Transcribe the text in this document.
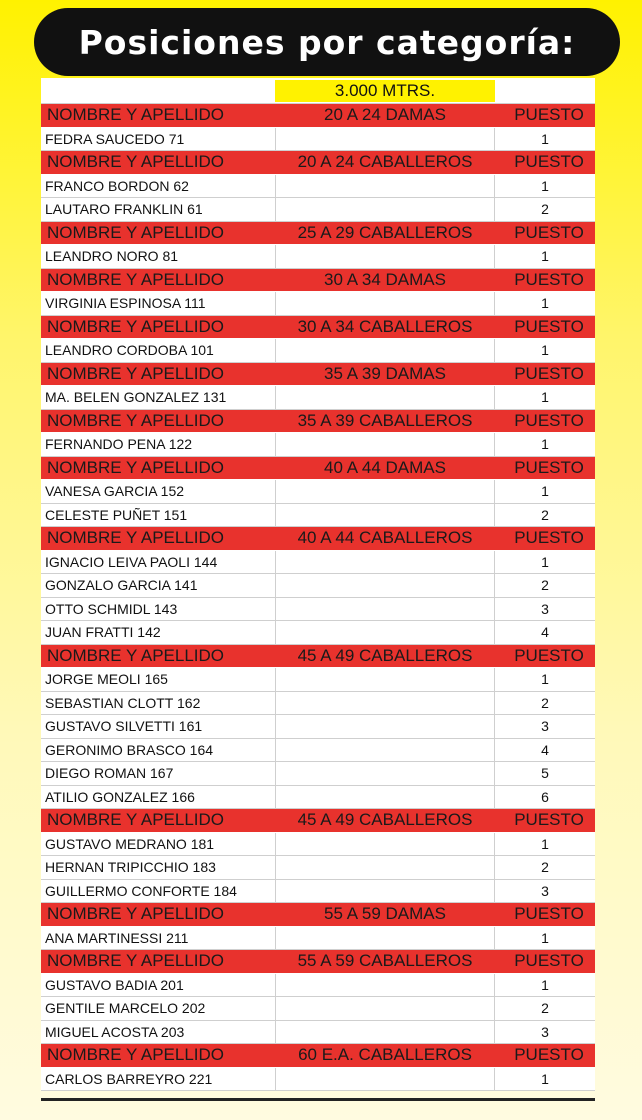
Posiciones por categoría:
3.000 MTRS.
NOMBRE Y APELLIDO	20 A 24 DAMAS	PUESTO
FEDRA SAUCEDO 71	1
NOMBRE Y APELLIDO	20 A 24 CABALLEROS	PUESTO
FRANCO BORDON 62	1
LAUTARO FRANKLIN 61	2
NOMBRE Y APELLIDO	25 A 29 CABALLEROS	PUESTO
LEANDRO NORO 81	1
NOMBRE Y APELLIDO	30 A 34 DAMAS	PUESTO
VIRGINIA ESPINOSA 111	1
NOMBRE Y APELLIDO	30 A 34 CABALLEROS	PUESTO
LEANDRO CORDOBA 101	1
NOMBRE Y APELLIDO	35 A 39 DAMAS	PUESTO
MA. BELEN GONZALEZ 131	1
NOMBRE Y APELLIDO	35 A 39 CABALLEROS	PUESTO
FERNANDO PENA 122	1
NOMBRE Y APELLIDO	40 A 44 DAMAS	PUESTO
VANESA GARCIA 152	1
CELESTE PUÑET 151	2
NOMBRE Y APELLIDO	40 A 44 CABALLEROS	PUESTO
IGNACIO LEIVA PAOLI 144	1
GONZALO GARCIA 141	2
OTTO SCHMIDL 143	3
JUAN FRATTI 142	4
NOMBRE Y APELLIDO	45 A 49 CABALLEROS	PUESTO
JORGE MEOLI 165	1
SEBASTIAN CLOTT 162	2
GUSTAVO SILVETTI 161	3
GERONIMO BRASCO 164	4
DIEGO ROMAN 167	5
ATILIO GONZALEZ 166	6
NOMBRE Y APELLIDO	45 A 49 CABALLEROS	PUESTO
GUSTAVO MEDRANO 181	1
HERNAN TRIPICCHIO 183	2
GUILLERMO CONFORTE 184	3
NOMBRE Y APELLIDO	55 A 59 DAMAS	PUESTO
ANA MARTINESSI 211	1
NOMBRE Y APELLIDO	55 A 59 CABALLEROS	PUESTO
GUSTAVO BADIA 201	1
GENTILE MARCELO 202	2
MIGUEL ACOSTA 203	3
NOMBRE Y APELLIDO	60 E.A. CABALLEROS	PUESTO
CARLOS BARREYRO 221	1
